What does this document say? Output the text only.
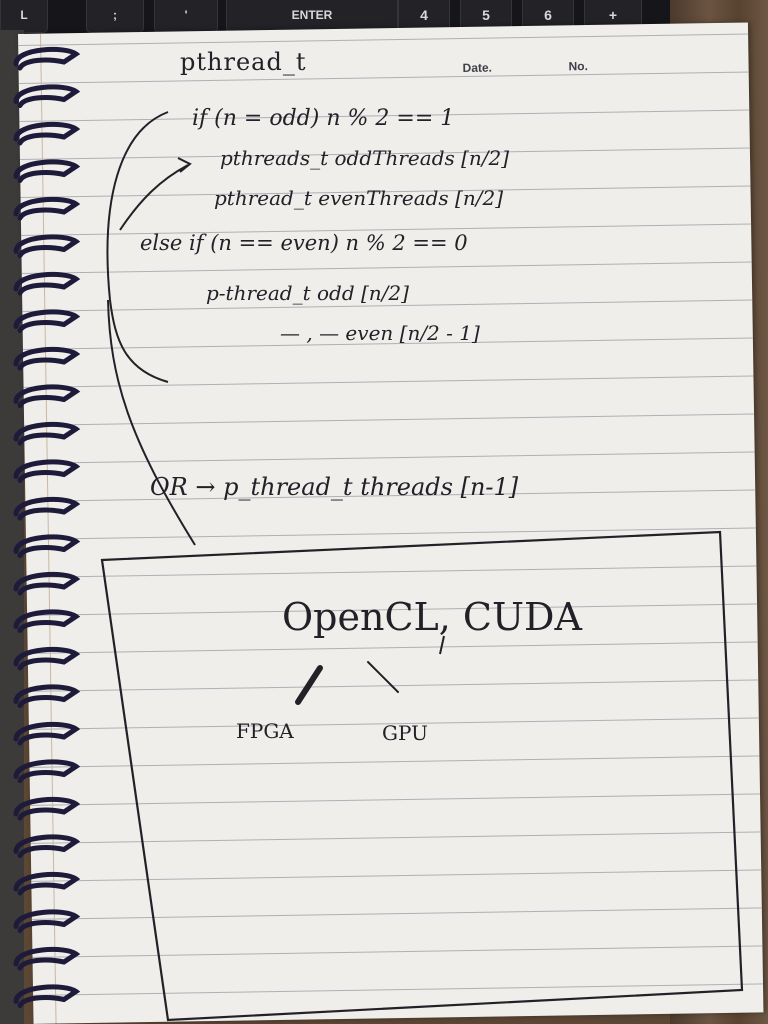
L	;	'	ENTER	4	5	6	+
Date.	No.
pthread_t
if (n = odd) n % 2 == 1
pthreads_t oddThreads [n/2]
pthread_t evenThreads [n/2]
else if (n == even) n % 2 == 0
p-thread_t odd [n/2]
— , — even [n/2 - 1]
OR → p_thread_t threads [n-1]
OpenCL, CUDA
FPGA	GPU
